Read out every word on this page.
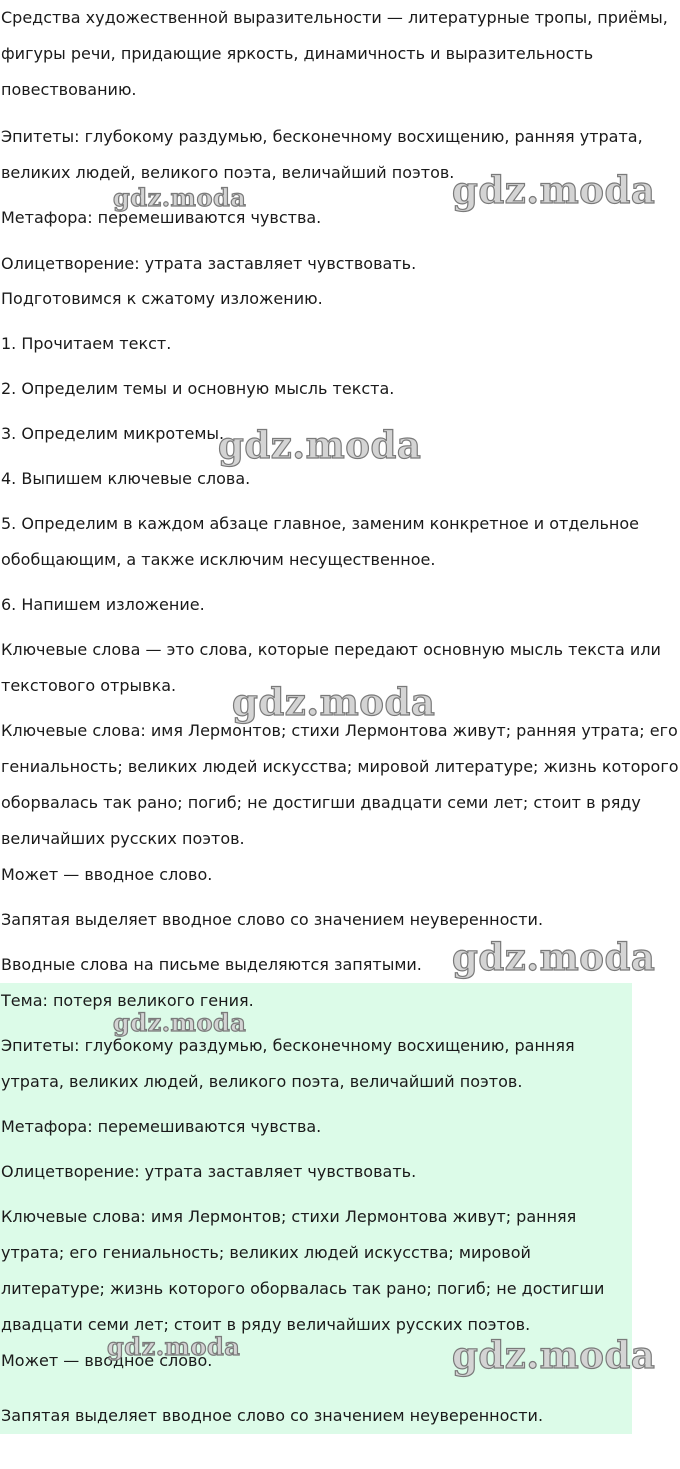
Средства художественной выразительности — литературные тропы, приёмы,
фигуры речи, придающие яркость, динамичность и выразительность
повествованию.
Эпитеты: глубокому раздумью, бесконечному восхищению, ранняя утрата,
великих людей, великого поэта, величайший поэтов.
Метафора: перемешиваются чувства.
Олицетворение: утрата заставляет чувствовать.
Подготовимся к сжатому изложению.
1. Прочитаем текст.
2. Определим темы и основную мысль текста.
3. Определим микротемы.
4. Выпишем ключевые слова.
5. Определим в каждом абзаце главное, заменим конкретное и отдельное
обобщающим, а также исключим несущественное.
6. Напишем изложение.
Ключевые слова — это слова, которые передают основную мысль текста или
текстового отрывка.
Ключевые слова: имя Лермонтов; стихи Лермонтова живут; ранняя утрата; его
гениальность; великих людей искусства; мировой литературе; жизнь которого
оборвалась так рано; погиб; не достигши двадцати семи лет; стоит в ряду
величайших русских поэтов.
Может — вводное слово.
Запятая выделяет вводное слово со значением неуверенности.
Вводные слова на письме выделяются запятыми.
Тема: потеря великого гения.
Эпитеты: глубокому раздумью, бесконечному восхищению, ранняя
утрата, великих людей, великого поэта, величайший поэтов.
Метафора: перемешиваются чувства.
Олицетворение: утрата заставляет чувствовать.
Ключевые слова: имя Лермонтов; стихи Лермонтова живут; ранняя
утрата; его гениальность; великих людей искусства; мировой
литературе; жизнь которого оборвалась так рано; погиб; не достигши
двадцати семи лет; стоит в ряду величайших русских поэтов.
Может — вводное слово.
Запятая выделяет вводное слово со значением неуверенности.
gdz.moda
gdz.moda
gdz.moda
gdz.moda
gdz.moda
gdz.moda
gdz.moda	gdz.moda
